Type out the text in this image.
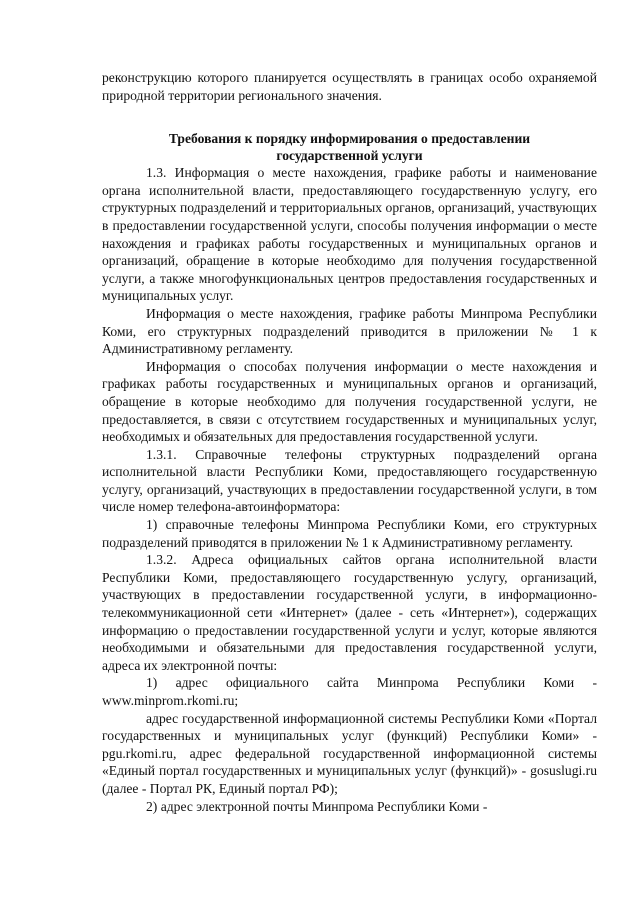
реконструкцию которого планируется осуществлять в границах особо охраняемой природной территории регионального значения.

Требования к порядку информирования о предоставлении
государственной услуги

1.3. Информация о месте нахождения, графике работы и наименование органа исполнительной власти, предоставляющего государственную услугу, его структурных подразделений и территориальных органов, организаций, участвующих в предоставлении государственной услуги, способы получения информации о месте нахождения и графиках работы государственных и муниципальных органов и организаций, обращение в которые необходимо для получения государственной услуги, а также многофункциональных центров предоставления государственных и муниципальных услуг.

Информация о месте нахождения, графике работы Минпрома Республики Коми, его структурных подразделений приводится в приложении № 1 к Административному регламенту.

Информация о способах получения информации о месте нахождения и графиках работы государственных и муниципальных органов и организаций, обращение в которые необходимо для получения государственной услуги, не предоставляется, в связи с отсутствием государственных и муниципальных услуг, необходимых и обязательных для предоставления государственной услуги.

1.3.1. Справочные телефоны структурных подразделений органа исполнительной власти Республики Коми, предоставляющего государственную услугу, организаций, участвующих в предоставлении государственной услуги, в том числе номер телефона-автоинформатора:

1) справочные телефоны Минпрома Республики Коми, его структурных подразделений приводятся в приложении № 1 к Административному регламенту.

1.3.2. Адреса официальных сайтов органа исполнительной власти Республики Коми, предоставляющего государственную услугу, организаций, участвующих в предоставлении государственной услуги, в информационно-телекоммуникационной сети «Интернет» (далее - сеть «Интернет»), содержащих информацию о предоставлении государственной услуги и услуг, которые являются необходимыми и обязательными для предоставления государственной услуги, адреса их электронной почты:

1) адрес официального сайта Минпрома Республики Коми - www.minprom.rkomi.ru;

адрес государственной информационной системы Республики Коми «Портал государственных и муниципальных услуг (функций) Республики Коми» - pgu.rkomi.ru, адрес федеральной государственной информационной системы «Единый портал государственных и муниципальных услуг (функций)» - gosuslugi.ru (далее - Портал РК, Единый портал РФ);

2) адрес электронной почты Минпрома Республики Коми -
